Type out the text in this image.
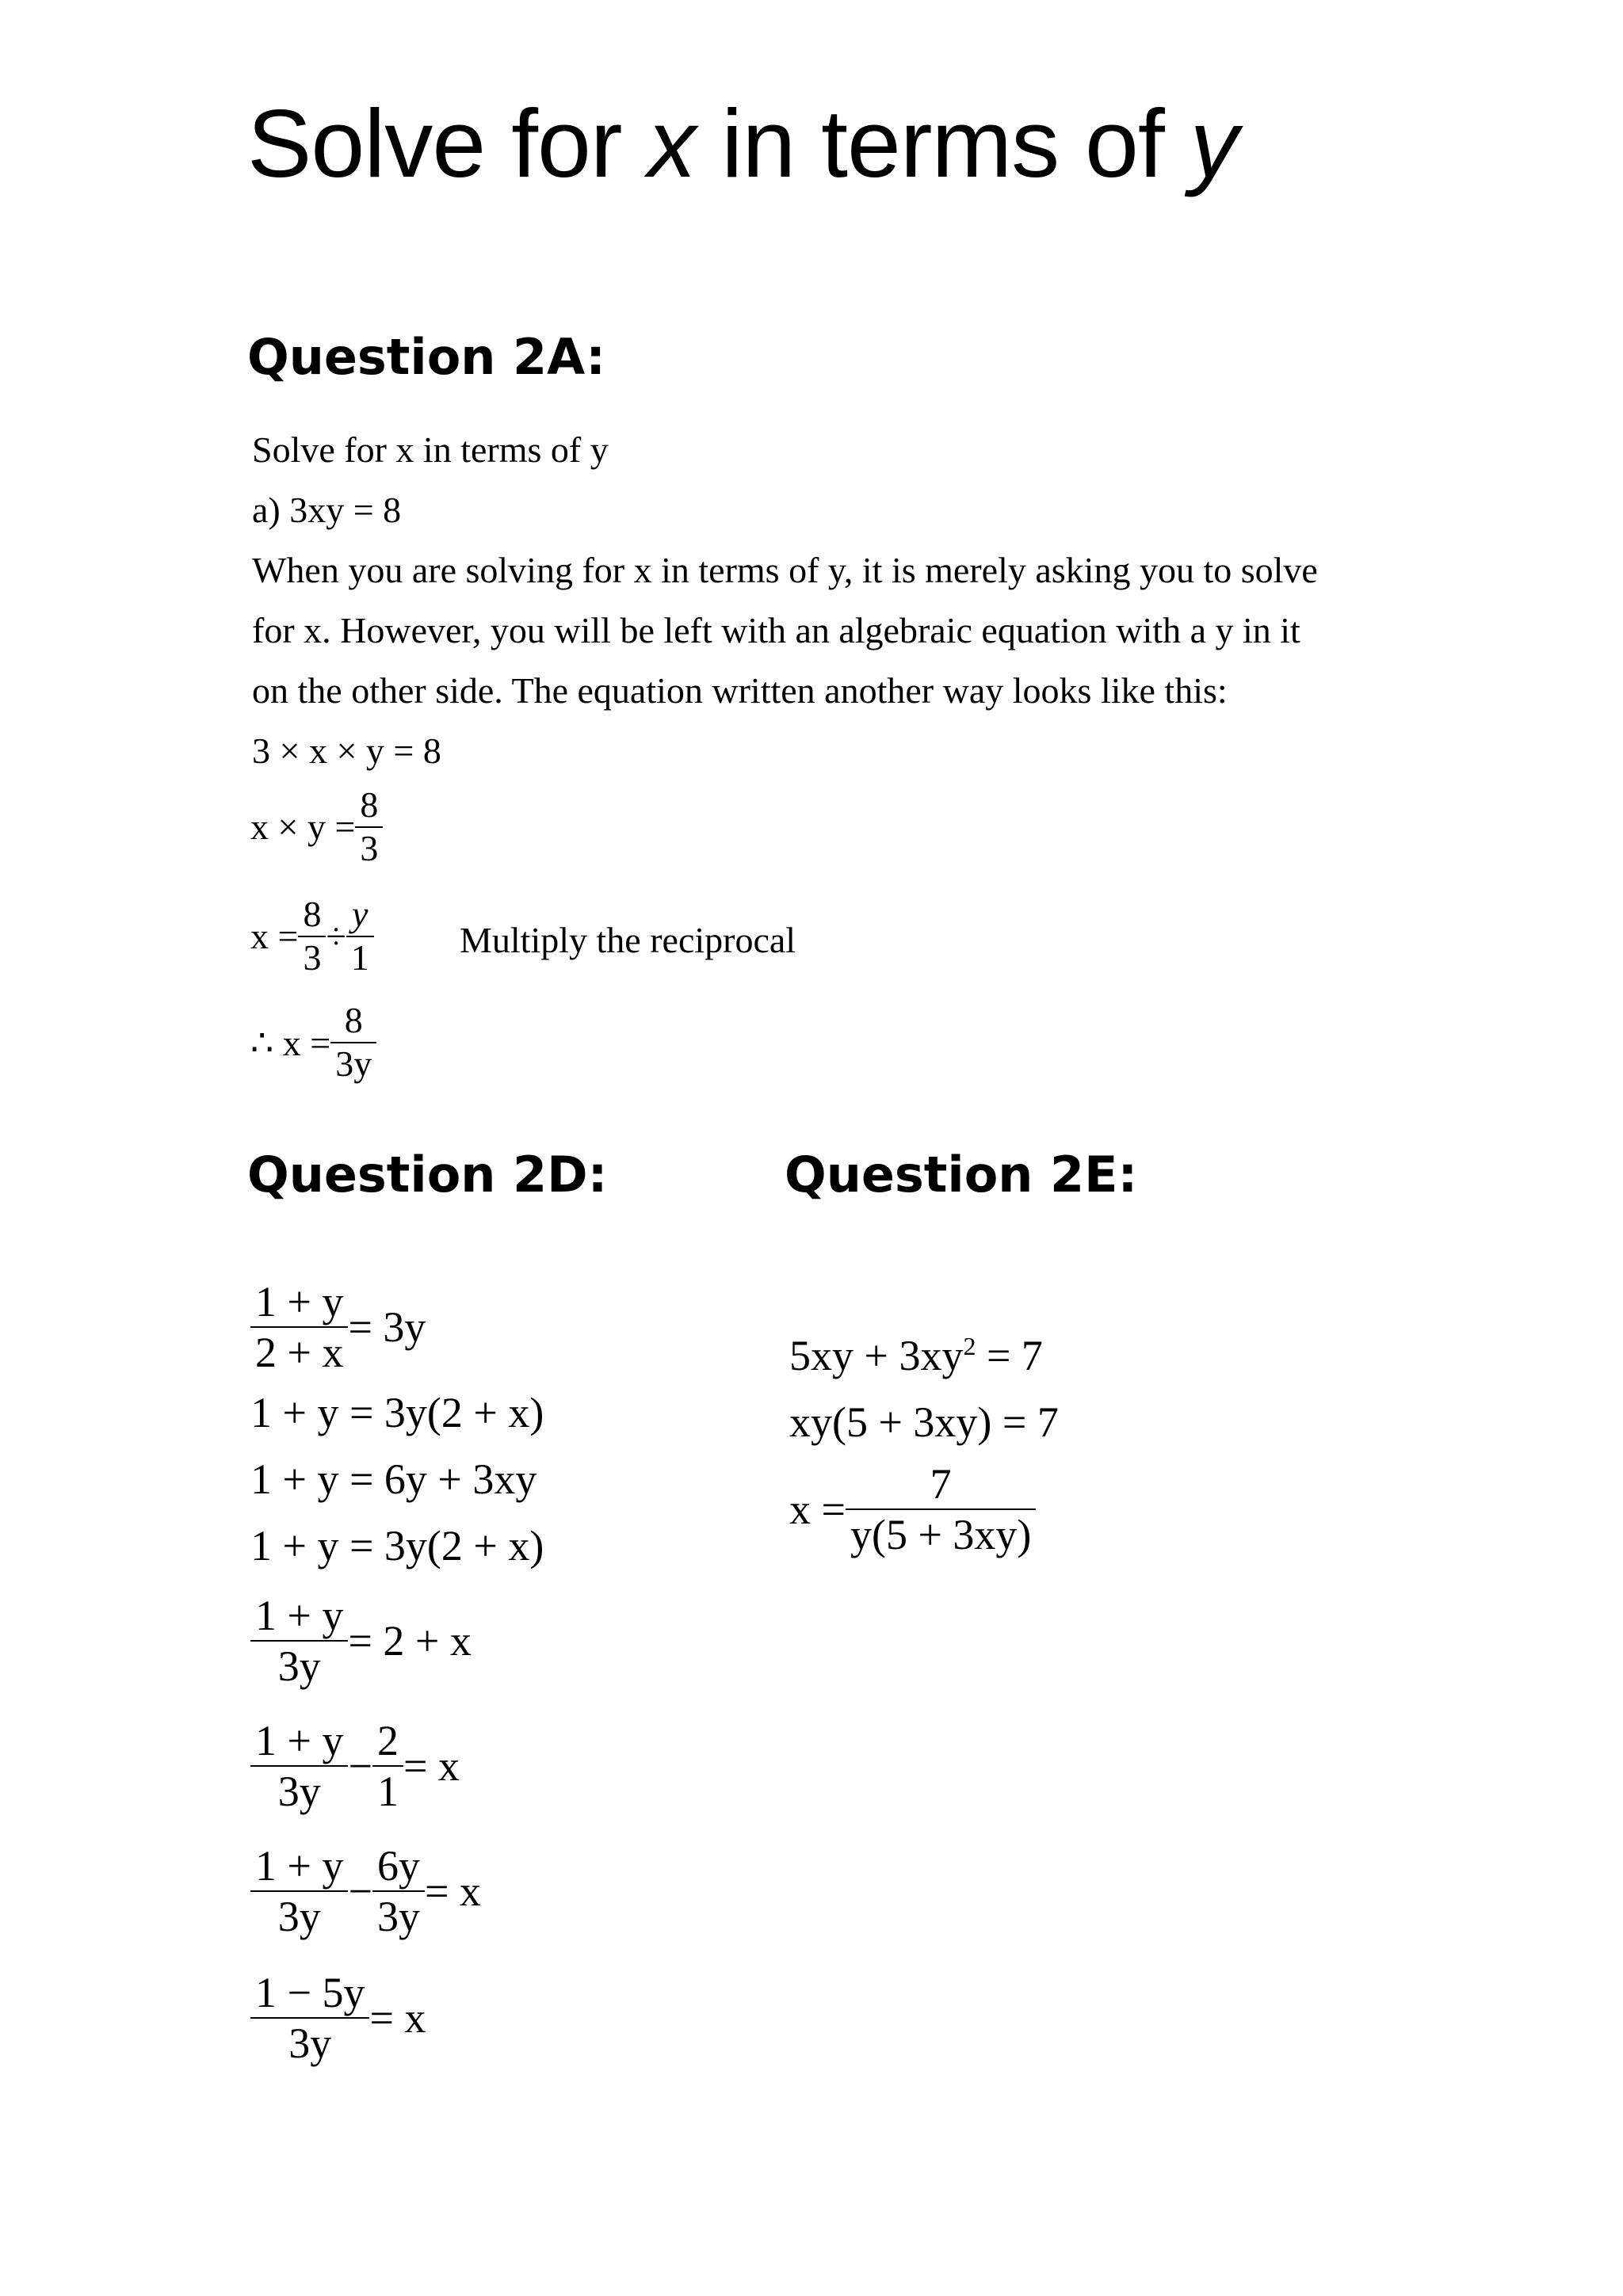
Solve for x in terms of y
Question 2A:

Solve for x in terms of y

a) 3xy = 8

When you are solving for x in terms of y, it is merely asking you to solve

for x. However, you will be left with an algebraic equation with a y in it

on the other side. The equation written another way looks like this:

3 × x × y = 8

$x \times y = \frac{8}{3}$
$x = \frac{8}{3} \div \frac{y}{1}$ Multiply the reciprocal
∴ $x = \frac{8}{3y}$
Question 2D:
$\frac{1 + y}{2 + x} = 3y$
1 + y = 3y(2 + x)
1 + y = 6y + 3xy
1 + y = 3y(2 + x)
$\frac{1 + y}{3y} = 2 + x$
$\frac{1 + y}{3y} - \frac{2}{1} = x$
$\frac{1 + y}{3y} - \frac{6y}{3y} = x$
$\frac{1 - 5y}{3y} = x$
Question 2E:
$5xy + 3xy^2 = 7$
xy(5 + 3xy) = 7
$x = \frac{7}{y(5 + 3xy)}$
